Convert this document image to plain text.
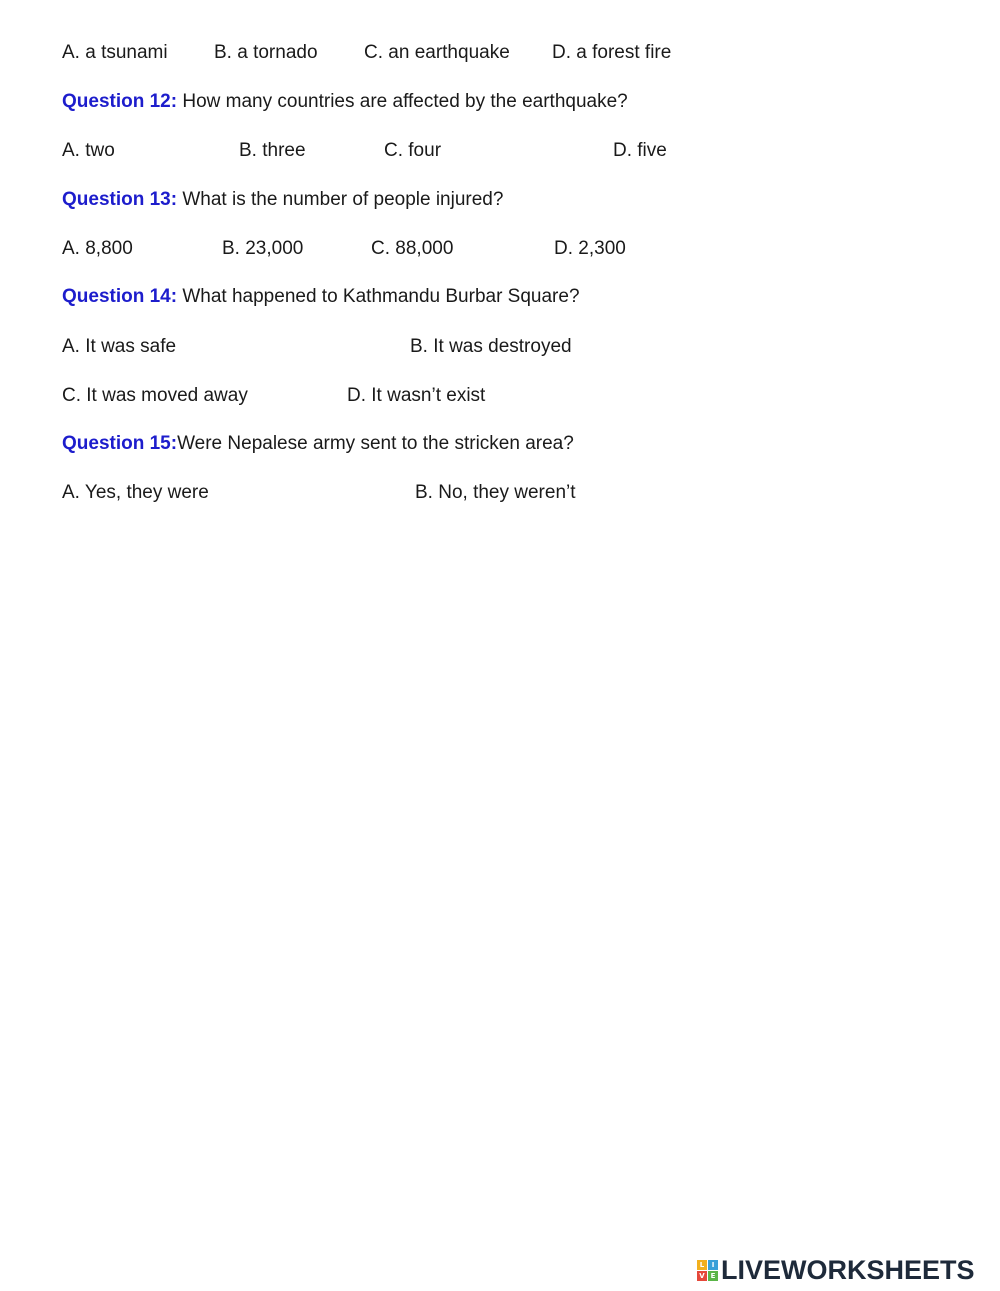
A. a tsunami B. a tornado C. an earthquake D. a forest fire
Question 12: How many countries are affected by the earthquake?
A. two	B. three	C. four	D. five
Question 13: What is the number of people injured?
A. 8,800	B. 23,000	C. 88,000	D. 2,300
Question 14: What happened to Kathmandu Burbar Square?
A. It was safe	B. It was destroyed
C. It was moved away	D. It wasn’t exist
Question 15:Were Nepalese army sent to the stricken area?
A. Yes, they were	B. No, they weren’t
L	I
V E LIVEWORKSHEETS
